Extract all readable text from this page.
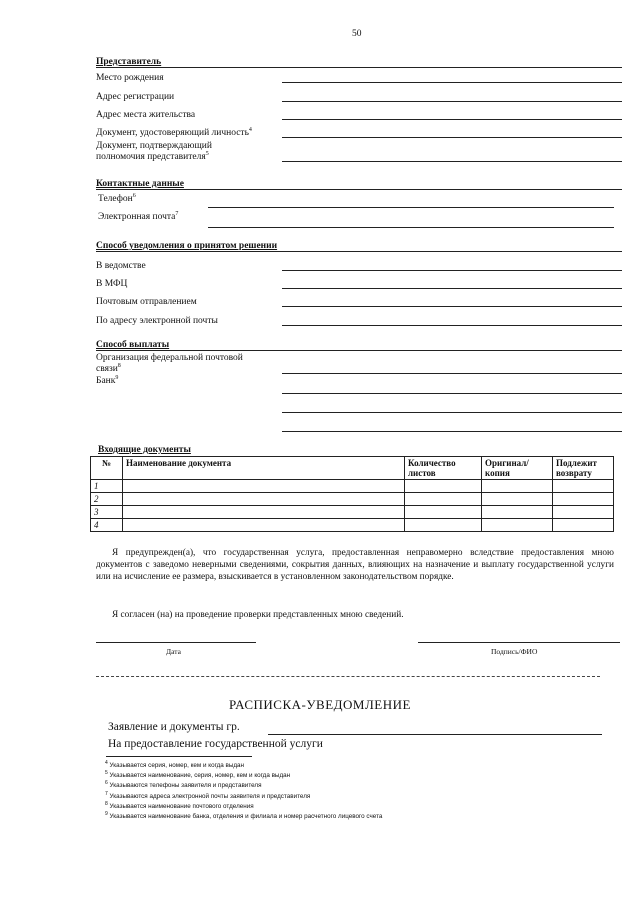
50
Представитель
Место рождения
Адрес регистрации
Адрес места жительства
Документ, удостоверяющий личность$^4$
Документ, подтверждающий
полномочия представителя$^5$
Контактные данные
Телефон$^6$
Электронная почта$^7$
Способ уведомления о принятом решении
В ведомстве
В МФЦ
Почтовым отправлением
По адресу электронной почты
Способ выплаты
Организация федеральной почтовой
связи$^8$
Банк$^9$
Входящие документы
№	Наименование документа	Количество листов	Оригинал/ копия	Подлежит возврату
1				
2				
3				
4				
Я предупрежден(а), что государственная услуга, предоставленная неправомерно вследствие предоставления мною документов с заведомо неверными сведениями, сокрытия данных, влияющих на назначение и выплату государственной услуги или на исчисление ее размера, взыскивается в установленном законодательством порядке.
Я согласен (на) на проведение проверки представленных мною сведений.
Дата	Подпись/ФИО
РАСПИСКА-УВЕДОМЛЕНИЕ
Заявление и документы гр.
На предоставление государственной услуги
$^4$ Указывается серия, номер, кем и когда выдан
$^5$ Указывается наименование, серия, номер, кем и когда выдан
$^6$ Указываются телефоны заявителя и представителя
$^7$ Указываются адреса электронной почты заявителя и представителя
$^8$ Указывается наименование почтового отделения
$^9$ Указывается наименование банка, отделения и филиала и номер расчетного лицевого счета
